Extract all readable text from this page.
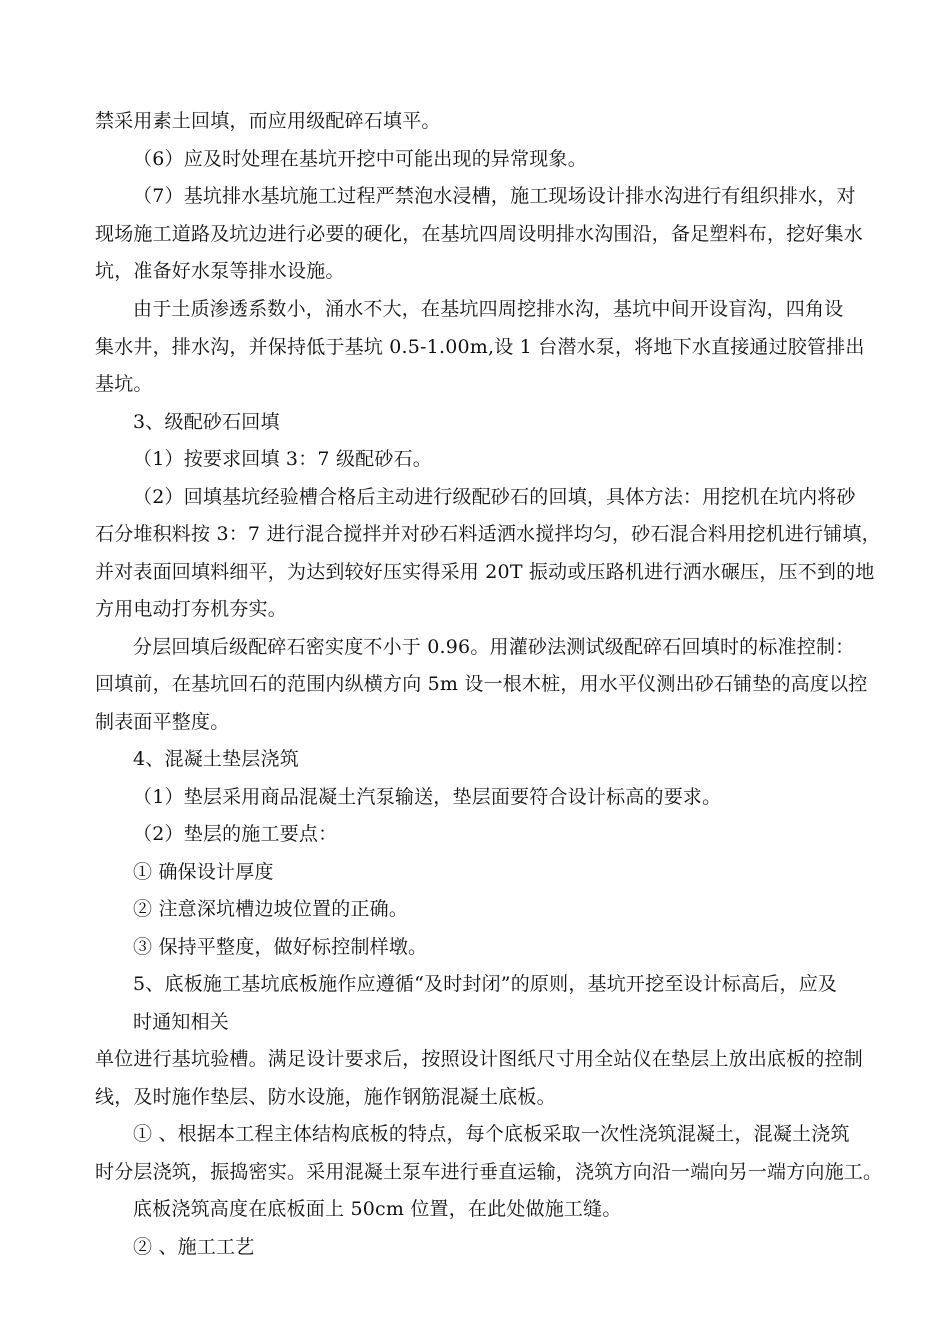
禁采用素土回填，而应用级配碎石填平。

（6）应及时处理在基坑开挖中可能出现的异常现象。

（7）基坑排水基坑施工过程严禁泡水浸槽，施工现场设计排水沟进行有组织排水，对

现场施工道路及坑边进行必要的硬化，在基坑四周设明排水沟围沿，备足塑料布，挖好集水

坑，准备好水泵等排水设施。

由于土质渗透系数小，涌水不大，在基坑四周挖排水沟，基坑中间开设盲沟，四角设

集水井，排水沟，并保持低于基坑 0.5-1.00m,设 1 台潜水泵，将地下水直接通过胶管排出

基坑。

3、级配砂石回填

（1）按要求回填 3：7 级配砂石。

（2）回填基坑经验槽合格后主动进行级配砂石的回填，具体方法：用挖机在坑内将砂

石分堆积料按 3：7 进行混合搅拌并对砂石料适洒水搅拌均匀，砂石混合料用挖机进行铺填，

并对表面回填料细平，为达到较好压实得采用 20T 振动或压路机进行洒水碾压，压不到的地

方用电动打夯机夯实。

分层回填后级配碎石密实度不小于 0.96。用灌砂法测试级配碎石回填时的标准控制：

回填前，在基坑回石的范围内纵横方向 5m 设一根木桩，用水平仪测出砂石铺垫的高度以控

制表面平整度。

4、混凝土垫层浇筑

（1）垫层采用商品混凝土汽泵输送，垫层面要符合设计标高的要求。

（2）垫层的施工要点：

① 确保设计厚度

② 注意深坑槽边坡位置的正确。

③ 保持平整度，做好标控制样墩。

5、底板施工基坑底板施作应遵循“及时封闭”的原则，基坑开挖至设计标高后，应及

时通知相关

单位进行基坑验槽。满足设计要求后，按照设计图纸尺寸用全站仪在垫层上放出底板的控制

线，及时施作垫层、防水设施，施作钢筋混凝土底板。

① 、根据本工程主体结构底板的特点，每个底板采取一次性浇筑混凝土，混凝土浇筑

时分层浇筑，振捣密实。采用混凝土泵车进行垂直运输，浇筑方向沿一端向另一端方向施工。

底板浇筑高度在底板面上 50cm 位置，在此处做施工缝。

② 、施工工艺
